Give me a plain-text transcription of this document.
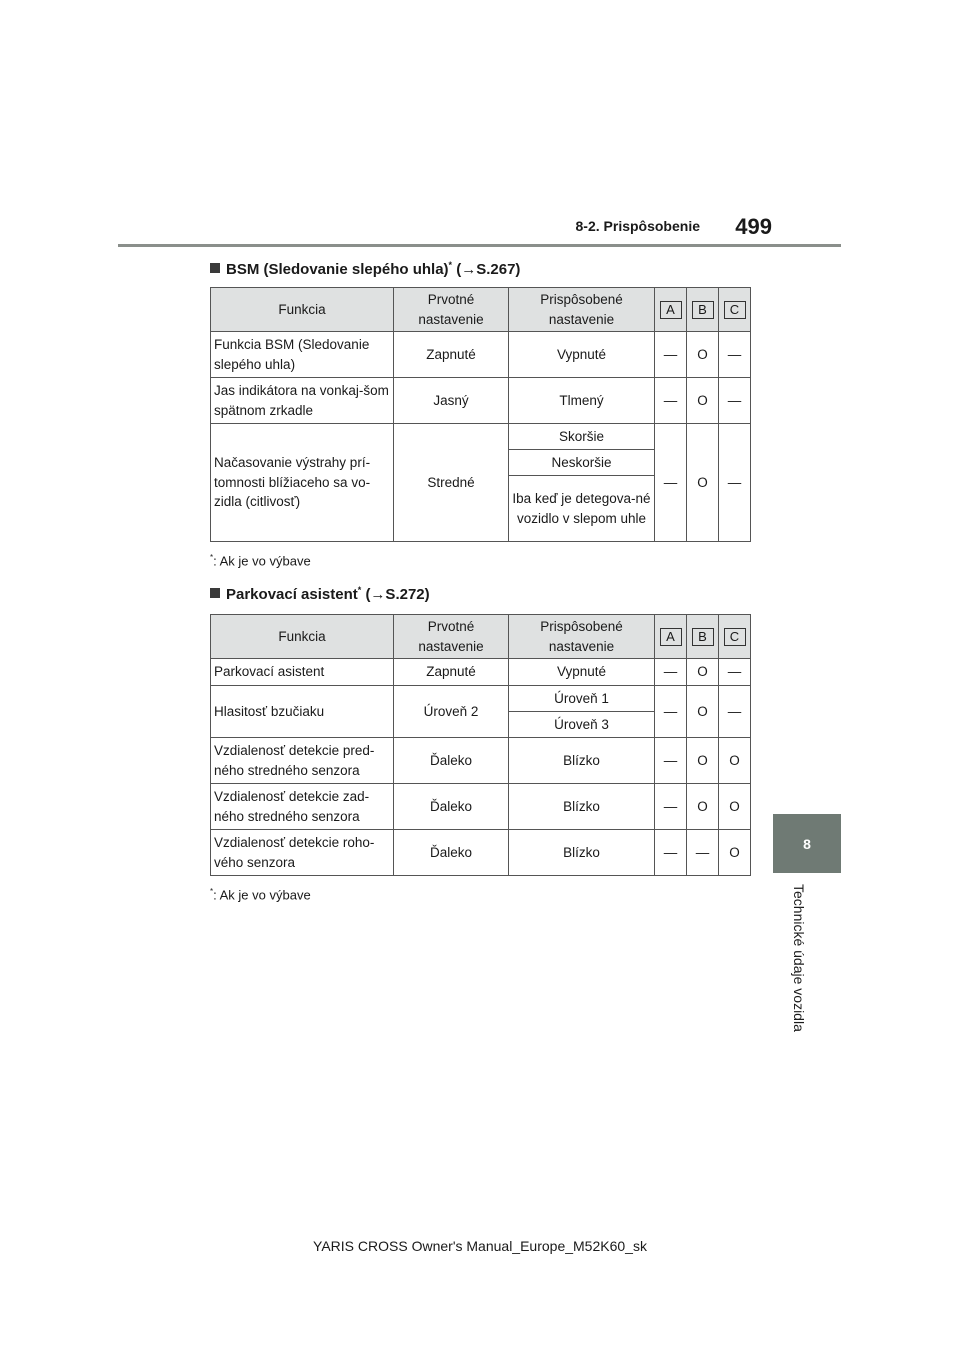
8-2. Prispôsobenie	499
8
Technické údaje vozidla
BSM (Sledovanie slepého uhla)* (→S.267)
Funkcia	Prvotné nastavenie	Prispôsobené nastavenie	A	B	C
Funkcia BSM (Sledovanie slepého uhla)	Zapnuté	Vypnuté	—	O	—
Jas indikátora na vonkaj-šom spätnom zrkadle	Jasný	Tlmený	—	O	—
Načasovanie výstrahy prí-tomnosti blížiaceho sa vo-zidla (citlivosť)	Stredné	Skoršie	—	O	—
		Neskoršie			
		Iba keď je detegova-né vozidlo v slepom uhle			
*: Ak je vo výbave
Parkovací asistent* (→S.272)
Funkcia	Prvotné nastavenie	Prispôsobené nastavenie	A	B	C
Parkovací asistent	Zapnuté	Vypnuté	—	O	—
Hlasitosť bzučiaku	Úroveň 2	Úroveň 1	—	O	—
		Úroveň 3			
Vzdialenosť detekcie pred-ného stredného senzora	Ďaleko	Blízko	—	O	O
Vzdialenosť detekcie zad-ného stredného senzora	Ďaleko	Blízko	—	O	O
Vzdialenosť detekcie roho-vého senzora	Ďaleko	Blízko	—	—	O
*: Ak je vo výbave
YARIS CROSS Owner's Manual_Europe_M52K60_sk
